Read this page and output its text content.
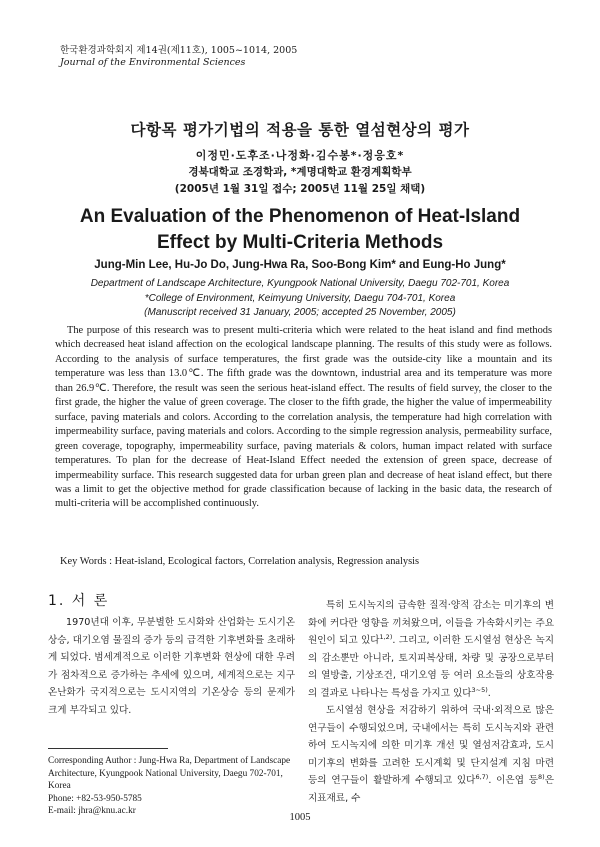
한국환경과학회지 제14권(제11호), 1005~1014, 2005
Journal of the Environmental Sciences
다항목 평가기법의 적용을 통한 열섬현상의 평가
이정민·도후조·나정화·김수봉*·정응호*
경북대학교 조경학과, *계명대학교 환경계획학부
(2005년 1월 31일 접수; 2005년 11월 25일 채택)
An Evaluation of the Phenomenon of Heat-Island
Effect by Multi-Criteria Methods
Jung-Min Lee, Hu-Jo Do, Jung-Hwa Ra, Soo-Bong Kim* and Eung-Ho Jung*
Department of Landscape Architecture, Kyungpook National University, Daegu 702-701, Korea
*College of Environment, Keimyung University, Daegu 704-701, Korea
(Manuscript received 31 January, 2005; accepted 25 November, 2005)

The purpose of this research was to present multi-criteria which were related to the heat island and find methods which decreased heat island affection on the ecological landscape planning. The results of this study were as follows. According to the analysis of surface temperatures, the first grade was the outside-city like a mountain and its temperature was less than 13.0℃. The fifth grade was the downtown, industrial area and its temperature was more than 26.9℃. Therefore, the result was seen the serious heat-island effect. The results of field survey, the closer to the first grade, the higher the value of green coverage. The closer to the fifth grade, the higher the value of impermeability surface, paving materials and colors. According to the correlation analysis, the temperature had high correlation with impermeability surface, paving materials and colors. According to the simple regression analysis, permeability surface, green coverage, topography, impermeability surface, paving materials & colors, human impact related with surface temperatures. To plan for the decrease of Heat-Island Effect needed the extension of green space, decrease of impermeability surface. This research suggested data for urban green plan and decrease of heat island effect, but there was a limit to get the objective method for grade classification because of lacking in the basic data, the research of multi-criteria will be accomplished continuously.

Key Words : Heat-island, Ecological factors, Correlation analysis, Regression analysis
1. 서 론

1970년대 이후, 무분별한 도시화와 산업화는 도시기온 상승, 대기오염 물질의 증가 등의 급격한 기후변화를 초래하게 되었다. 범세계적으로 이러한 기후변화 현상에 대한 우려가 점차적으로 증가하는 추세에 있으며, 세계적으로는 지구온난화가 국지적으로는 도시지역의 기온상승 등의 문제가 크게 부각되고 있다.

특히 도시녹지의 급속한 질적·양적 감소는 미기후의 변화에 커다란 영향을 끼쳐왔으며, 이들을 가속화시키는 주요원인이 되고 있다$^{1,2)}$. 그리고, 이러한 도시열섬 현상은 녹지의 감소뿐만 아니라, 토지피복상태, 차량 및 공장으로부터의 열방출, 기상조건, 대기오염 등 여러 요소들의 상호작용의 결과로 나타나는 특성을 가지고 있다$^{3\sim 5)}$.

도시열섬 현상을 저감하기 위하여 국내·외적으로 많은 연구들이 수행되었으며, 국내에서는 특히 도시녹지와 관련하여 도시녹지에 의한 미기후 개선 및 열섬저감효과, 도시 미기후의 변화를 고려한 도시계획 및 단지설계 지침 마련 등의 연구들이 활발하게 수행되고 있다$^{6,7)}$. 이은엽 등$^{8)}$은 지표재료, 수

Corresponding Author : Jung-Hwa Ra, Department of Landscape Architecture, Kyungpook National University, Daegu 702-701, Korea
Phone: +82-53-950-5785
E-mail: jhra@knu.ac.kr
1005
